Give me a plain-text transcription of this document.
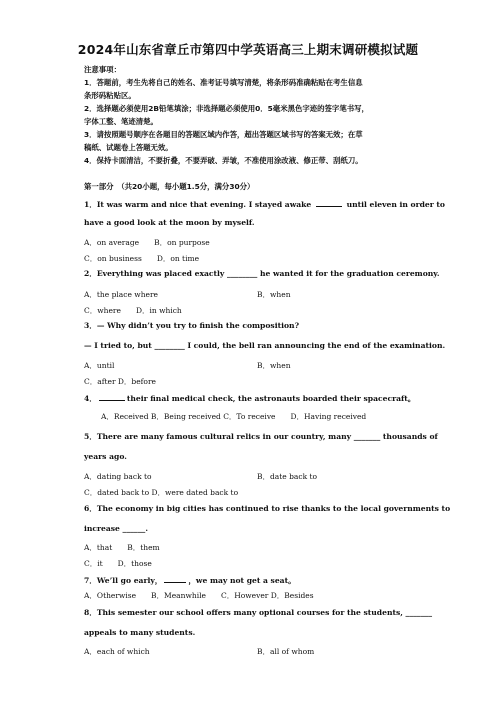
2024年山东省章丘市第四中学英语高三上期末调研模拟试题
注意事项：
1．答题前，考生先将自己的姓名、准考证号填写清楚，将条形码准确粘贴在考生信息
条形码粘贴区。
2．选择题必须使用2B铅笔填涂；非选择题必须使用0．5毫米黑色字迹的签字笔书写，
字体工整、笔迹清楚。
3．请按照题号顺序在各题目的答题区域内作答，超出答题区域书写的答案无效；在草
稿纸、试题卷上答题无效。
4．保持卡面清洁，不要折叠，不要弄破、弄皱，不准使用涂改液、修正带、刮纸刀。
第一部分　（共20小题，每小题1.5分，满分30分）
1．It was warm and nice that evening. I stayed awake	until eleven in order to
have a good look at the moon by myself.
A．on average　　B．on purpose
C．on business　　D．on time
2．Everything was placed exactly ________ he wanted it for the graduation ceremony.
A．the place where	B．when
C．where　　D．in which
3．— Why didn’t you try to finish the composition?
— I tried to, but ________ I could, the bell ran announcing the end of the examination.
A．until	B．when
C．after D．before
4．	their final medical check, the astronauts boarded their spacecraft。
A．Received B．Being received C．To receive　　D．Having received
5．There are many famous cultural relics in our country, many _______ thousands of
years ago.
A．dating back to	B．date back to
C．dated back to D．were dated back to
6．The economy in big cities has continued to rise thanks to the local governments to
increase ______.
A．that　　B．them
C．it　　D．those
7．We’ll go early，	，we may not get a seat。
A．Otherwise　　B．Meanwhile　　C．However D．Besides
8．This semester our school offers many optional courses for the students, _______
appeals to many students.
A．each of which	B．all of whom
